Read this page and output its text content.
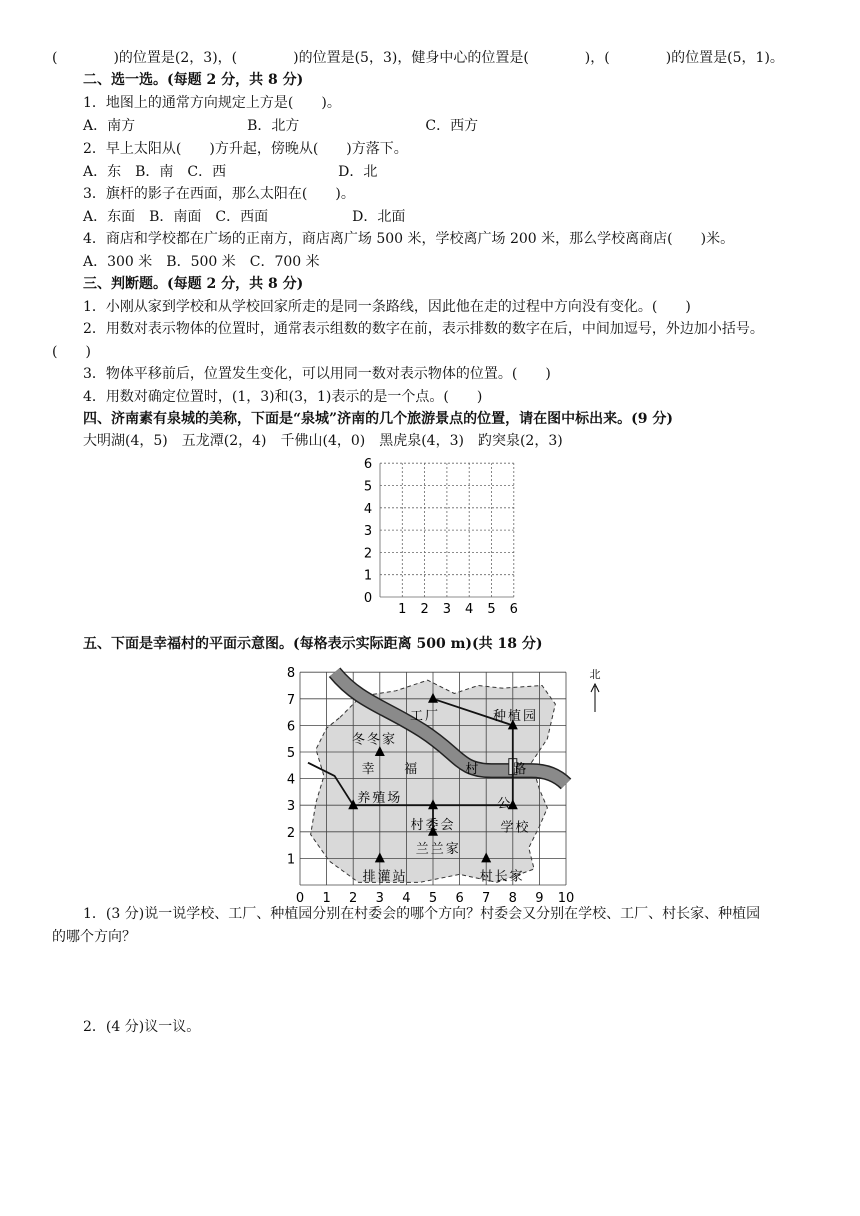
(　　　　)的位置是(2，3)，(　　　　)的位置是(5，3)，健身中心的位置是(　　　　)，(　　　　)的位置是(5，1)。
二、选一选。(每题 2 分，共 8 分)
1．地图上的通常方向规定上方是(　　)。
A．南方　　　　　　　　B．北方　　　　　　　　　C．西方
2．早上太阳从(　　)方升起，傍晚从(　　)方落下。
A．东　B．南　C．西　　　　　　　　D．北
3．旗杆的影子在西面，那么太阳在(　　)。
A．东面　B．南面　C．西面　　　　　　D．北面
4．商店和学校都在广场的正南方，商店离广场 500 米，学校离广场 200 米，那么学校离商店(　　)米。
A．300 米　B．500 米　C．700 米
三、判断题。(每题 2 分，共 8 分)
1．小刚从家到学校和从学校回家所走的是同一条路线，因此他在走的过程中方向没有变化。(　　)
2．用数对表示物体的位置时，通常表示组数的数字在前，表示排数的数字在后，中间加逗号，外边加小括号。
(　　)
3．物体平移前后，位置发生变化，可以用同一数对表示物体的位置。(　　)
4．用数对确定位置时，(1，3)和(3，1)表示的是一个点。(　　)
四、济南素有泉城的美称，下面是“泉城”济南的几个旅游景点的位置，请在图中标出来。(9 分)
大明湖(4，5)　五龙潭(2，4)　千佛山(4，0)　黑虎泉(4，3)　趵突泉(2，3)
五、下面是幸福村的平面示意图。(每格表示实际距离 500 m)(共 18 分)
1．(3 分)说一说学校、工厂、种植园分别在村委会的哪个方向？村委会又分别在学校、工厂、村长家、种植园
的哪个方向？
2．(4 分)议一议。
0
1
2
3
4
5
6
1 2 3 4 5 6
工厂	种植园
冬冬家
幸 福	村	路
养殖场	公
村委会	学校
兰兰家
排灌站	村长家
0 1 2 3 4 5 6 7 8 9 10
1
2
3
4
5
6
7
8	北
